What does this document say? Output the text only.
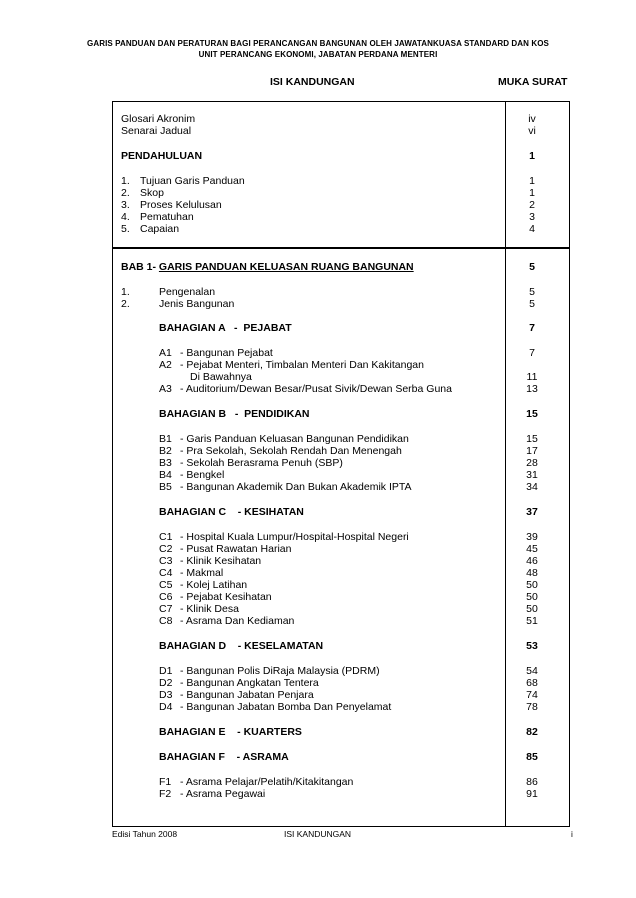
GARIS PANDUAN DAN PERATURAN BAGI PERANCANGAN BANGUNAN OLEH JAWATANKUASA STANDARD DAN KOS
UNIT PERANCANG EKONOMI, JABATAN PERDANA MENTERI
ISI KANDUNGAN	MUKA SURAT
Glosari Akronim	iv
Senarai Jadual	vi
PENDAHULUAN	1
1. Tujuan Garis Panduan	1
2. Skop	1
3. Proses Kelulusan	2
4. Pematuhan	3
5. Capaian	4
BAB 1- GARIS PANDUAN KELUASAN RUANG BANGUNAN	5
1.	Pengenalan	5
2.	Jenis Bangunan	5
BAHAGIAN A   -  PEJABAT	7
A1 - Bangunan Pejabat	7
A2 - Pejabat Menteri, Timbalan Menteri Dan Kakitangan
Di Bawahnya	11
A3 - Auditorium/Dewan Besar/Pusat Sivik/Dewan Serba Guna	13
BAHAGIAN B   -  PENDIDIKAN	15
B1 - Garis Panduan Keluasan Bangunan Pendidikan	15
B2 - Pra Sekolah, Sekolah Rendah Dan Menengah	17
B3 - Sekolah Berasrama Penuh (SBP)	28
B4 - Bengkel	31
B5 - Bangunan Akademik Dan Bukan Akademik IPTA	34
BAHAGIAN C    - KESIHATAN	37
C1 - Hospital Kuala Lumpur/Hospital-Hospital Negeri	39
C2 - Pusat Rawatan Harian	45
C3 - Klinik Kesihatan	46
C4 - Makmal	48
C5 - Kolej Latihan	50
C6 - Pejabat Kesihatan	50
C7 - Klinik Desa	50
C8 - Asrama Dan Kediaman	51
BAHAGIAN D    - KESELAMATAN	53
D1 - Bangunan Polis DiRaja Malaysia (PDRM)	54
D2 - Bangunan Angkatan Tentera	68
D3 - Bangunan Jabatan Penjara	74
D4 - Bangunan Jabatan Bomba Dan Penyelamat	78
BAHAGIAN E    - KUARTERS	82
BAHAGIAN F    - ASRAMA	85
F1 - Asrama Pelajar/Pelatih/Kitakitangan	86
F2 - Asrama Pegawai	91
Edisi Tahun 2008	ISI KANDUNGAN	i
